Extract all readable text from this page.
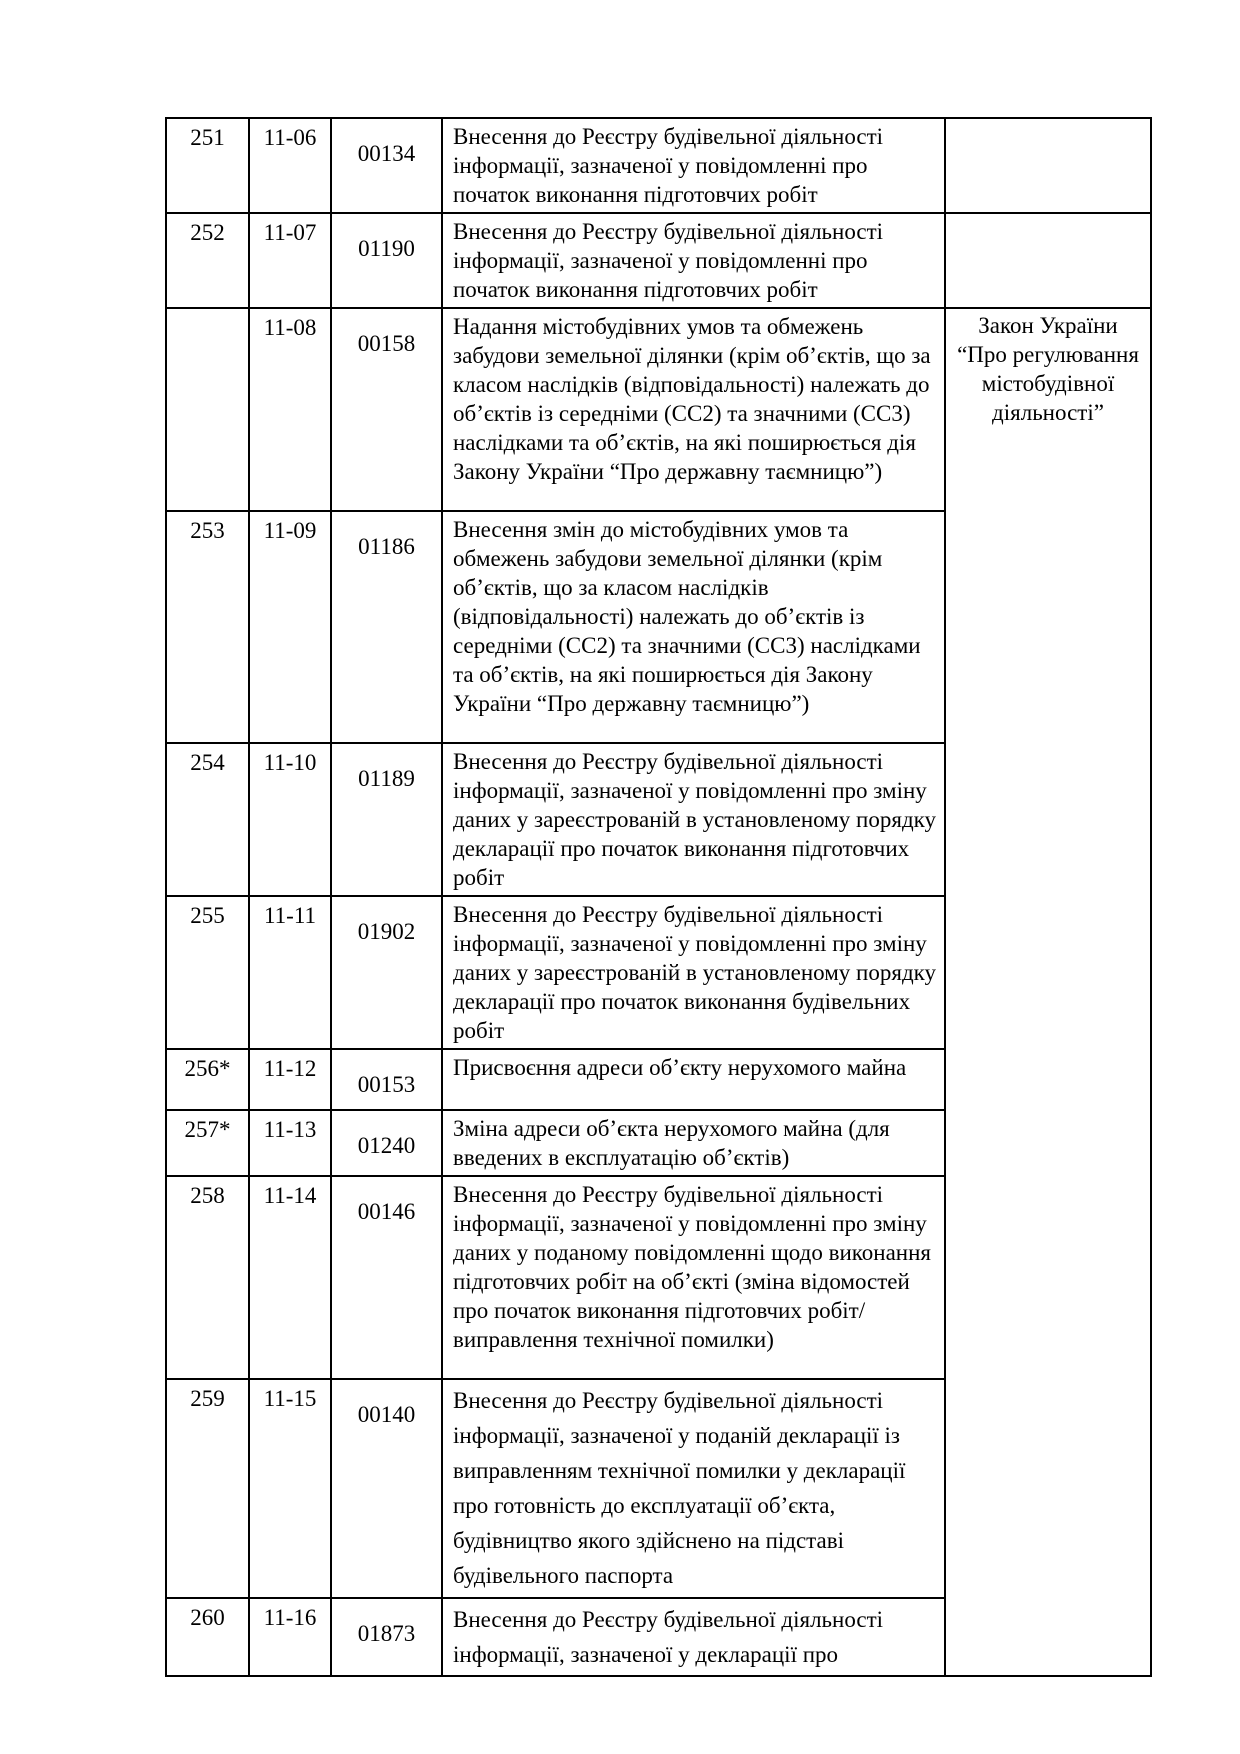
251	11-06	00134	Внесення до Реєстру будівельної діяльності інформації, зазначеної у повідомленні про початок виконання підготовчих робіт		
252	11-07	01190	Внесення до Реєстру будівельної діяльності інформації, зазначеної у повідомленні про початок виконання підготовчих робіт		
	11-08	00158	Надання містобудівних умов та обмежень забудови земельної ділянки (крім об’єктів, що за класом наслідків (відповідальності) належать до об’єктів із середніми (СС2) та значними (СС3) наслідками та об’єктів, на які поширюється дія Закону України “Про державну таємницю”)	Закон України “Про регулювання містобудівної діяльності”	

253	11-09	01186	Внесення змін до містобудівних умов та обмежень забудови земельної ділянки (крім об’єктів, що за класом наслідків (відповідальності) належать до об’єктів із середніми (СС2) та значними (СС3) наслідками та об’єктів, на які поширюється дія Закону України “Про державну таємницю”)		
254	11-10	01189	Внесення до Реєстру будівельної діяльності інформації, зазначеної у повідомленні про зміну даних у зареєстрованій в установленому порядку декларації про початок виконання підготовчих робіт		
255	11-11	01902	Внесення до Реєстру будівельної діяльності інформації, зазначеної у повідомленні про зміну даних у зареєстрованій в установленому порядку декларації про початок виконання будівельних робіт		
256*	11-12	00153	Присвоєння адреси об’єкту нерухомого майна		
257*	11-13	01240	Зміна адреси об’єкта нерухомого майна (для введених в експлуатацію об’єктів)		
258	11-14	00146	Внесення до Реєстру будівельної діяльності інформації, зазначеної у повідомленні про зміну даних у поданому повідомленні щодо виконання підготовчих робіт на об’єкті (зміна відомостей про початок виконання підготовчих робіт/виправлення технічної помилки)		
259	11-15	00140	Внесення до Реєстру будівельної діяльності інформації, зазначеної у поданій декларації із виправленням технічної помилки у декларації про готовність до експлуатації об’єкта, будівництво якого здійснено на підставі будівельного паспорта		
260	11-16	01873	Внесення до Реєстру будівельної діяльності інформації, зазначеної у декларації про		
